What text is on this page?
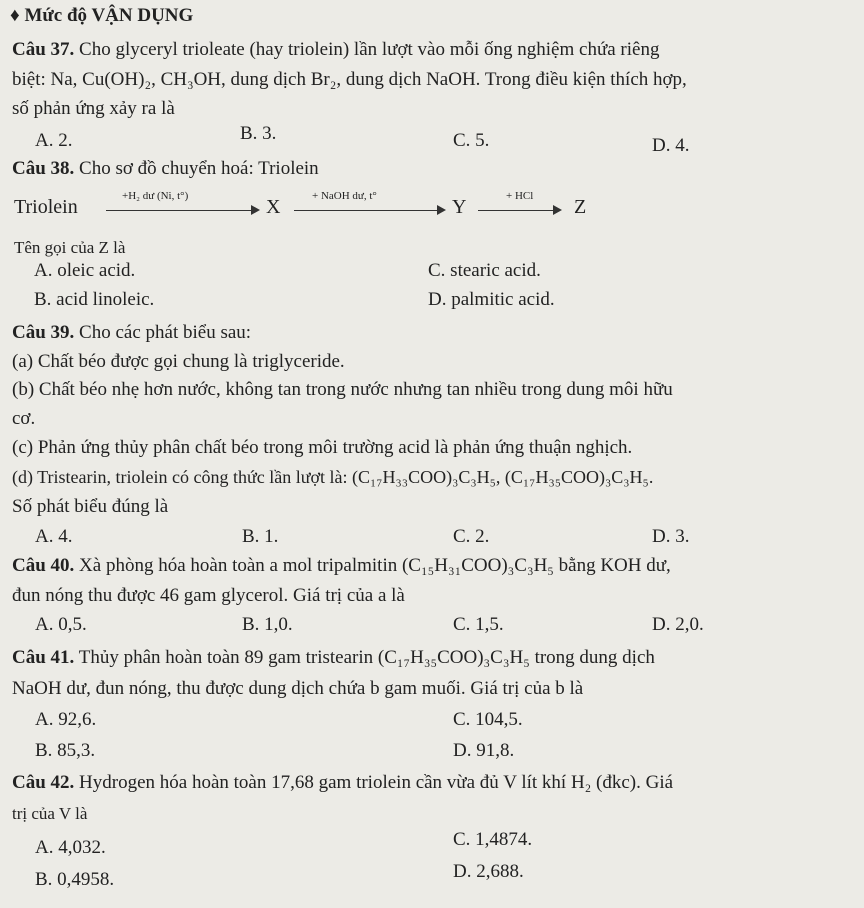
♦ Mức độ VẬN DỤNG
Câu 37. Cho glyceryl trioleate (hay triolein) lần lượt vào mỗi ống nghiệm chứa riêng
biệt: Na, Cu(OH)₂, CH₃OH, dung dịch Br₂, dung dịch NaOH. Trong điều kiện thích hợp,
số phản ứng xảy ra là
A. 2.	B. 3.	C. 5.	D. 4.
Câu 38. Cho sơ đồ chuyển hoá: Triolein
Triolein	+H₂ dư (Ni, t°)	X	+ NaOH dư, t°	Y	+ HCl Z
Tên gọi của Z là
A. oleic acid.	C. stearic acid.
B. acid linoleic.	D. palmitic acid.
Câu 39. Cho các phát biểu sau:
(a) Chất béo được gọi chung là triglyceride.
(b) Chất béo nhẹ hơn nước, không tan trong nước nhưng tan nhiều trong dung môi hữu
cơ.
(c) Phản ứng thủy phân chất béo trong môi trường acid là phản ứng thuận nghịch.
(d) Tristearin, triolein có công thức lần lượt là: (C₁₇H₃₃COO)₃C₃H₅, (C₁₇H₃₅COO)₃C₃H₅.
Số phát biểu đúng là
A. 4.	B. 1.	C. 2.	D. 3.
Câu 40. Xà phòng hóa hoàn toàn a mol tripalmitin (C₁₅H₃₁COO)₃C₃H₅ bằng KOH dư,
đun nóng thu được 46 gam glycerol. Giá trị của a là
A. 0,5.	B. 1,0.	C. 1,5.	D. 2,0.
Câu 41. Thủy phân hoàn toàn 89 gam tristearin (C₁₇H₃₅COO)₃C₃H₅ trong dung dịch
NaOH dư, đun nóng, thu được dung dịch chứa b gam muối. Giá trị của b là
A. 92,6.	C. 104,5.
B. 85,3.	D. 91,8.
Câu 42. Hydrogen hóa hoàn toàn 17,68 gam triolein cần vừa đủ V lít khí H₂ (đkc). Giá
trị của V là
A. 4,032.	C. 1,4874.
B. 0,4958.	D. 2,688.
